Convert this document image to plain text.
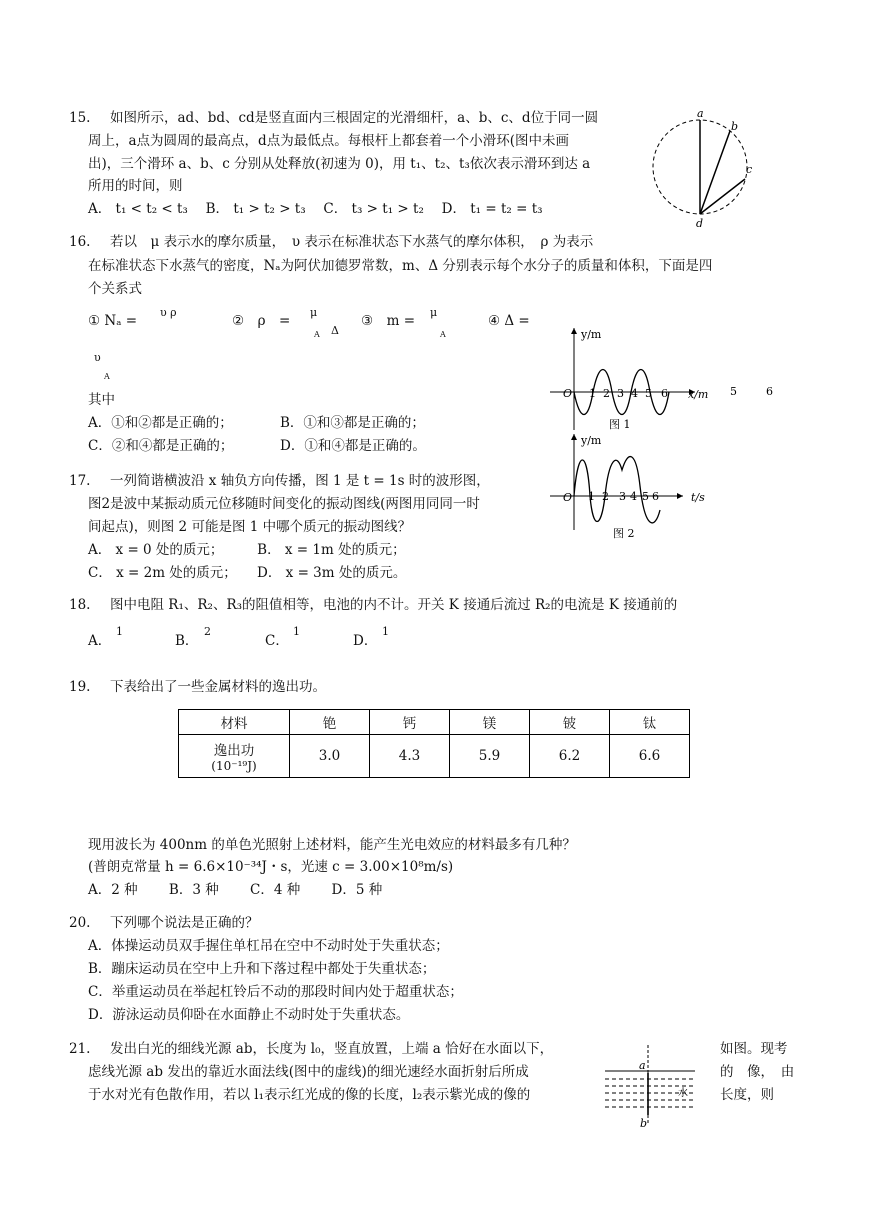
15. 如图所示，ad、bd、cd是竖直面内三根固定的光滑细杆，a、b、c、d位于同一圆
周上，a点为圆周的最高点，d点为最低点。每根杆上都套着一个小滑环(图中未画
出)，三个滑环 a、b、c 分别从处释放(初速为 0)，用 t₁、t₂、t₃依次表示滑环到达 a
所用的时间，则
A． t₁ < t₂ < t₃　 B． t₁ > t₂ > t₃　 C． t₃ > t₁ > t₂　 D． t₁ = t₂ = t₃
a
b
c
d
16. 若以　μ 表示水的摩尔质量，　υ 表示在标准状态下水蒸气的摩尔体积，　ρ 为表示
在标准状态下水蒸气的密度，Nₐ为阿伏加德罗常数，m、Δ 分别表示每个水分子的质量和体积，下面是四
个关系式
① Nₐ =
υ ρ
②　ρ　=
μ
A Δ
③　m =
μ
A
④ Δ =
υ
A
其中
A．①和②都是正确的；	B．①和③都是正确的；
C．②和④都是正确的；	D．①和④都是正确的。
y/m
O 1 2 3 4 5 6 x/m 5	6
图 1
y/m
O 1 2 3 4 5 6	t/s
图 2
17. 一列简谐横波沿 x 轴负方向传播，图 1 是 t = 1s 时的波形图，
图2是波中某振动质元位移随时间变化的振动图线(两图用同同一时
间起点)，则图 2 可能是图 1 中哪个质元的振动图线？
A． x = 0 处的质元；　　　B． x = 1m 处的质元；
C． x = 2m 处的质元；　　D． x = 3m 处的质元。
18. 图中电阻 R₁、R₂、R₃的阻值相等，电池的内不计。开关 K 接通后流过 R₂的电流是 K 接通前的
A．
1
B．
2
C．
1
D．
1
19. 下表给出了一些金属材料的逸出功。
材料	铯	钙	镁	铍	钛

逸出功
(10⁻¹⁹J)	3.0	4.3	5.9	6.2	6.6
现用波长为 400nm 的单色光照射上述材料，能产生光电效应的材料最多有几种？
(普朗克常量 h = 6.6×10⁻³⁴J・s，光速 c = 3.00×10⁸m/s)
A．2 种　　 B．3 种　　 C．4 种　　 D．5 种
20. 下列哪个说法是正确的？
A．体操运动员双手握住单杠吊在空中不动时处于失重状态；
B．蹦床运动员在空中上升和下落过程中都处于失重状态；
C．举重运动员在举起杠铃后不动的那段时间内处于超重状态；
D．游泳运动员仰卧在水面静止不动时处于失重状态。
21. 发出白光的细线光源 ab，长度为 l₀，竖直放置，上端 a 恰好在水面以下，	如图。现考
虑线光源 ab 发出的靠近水面法线(图中的虚线)的细光速经水面折射后所成	的　像，　由
于水对光有色散作用，若以 l₁表示红光成的像的长度，l₂表示紫光成的像的	长度，则
a
b
水
